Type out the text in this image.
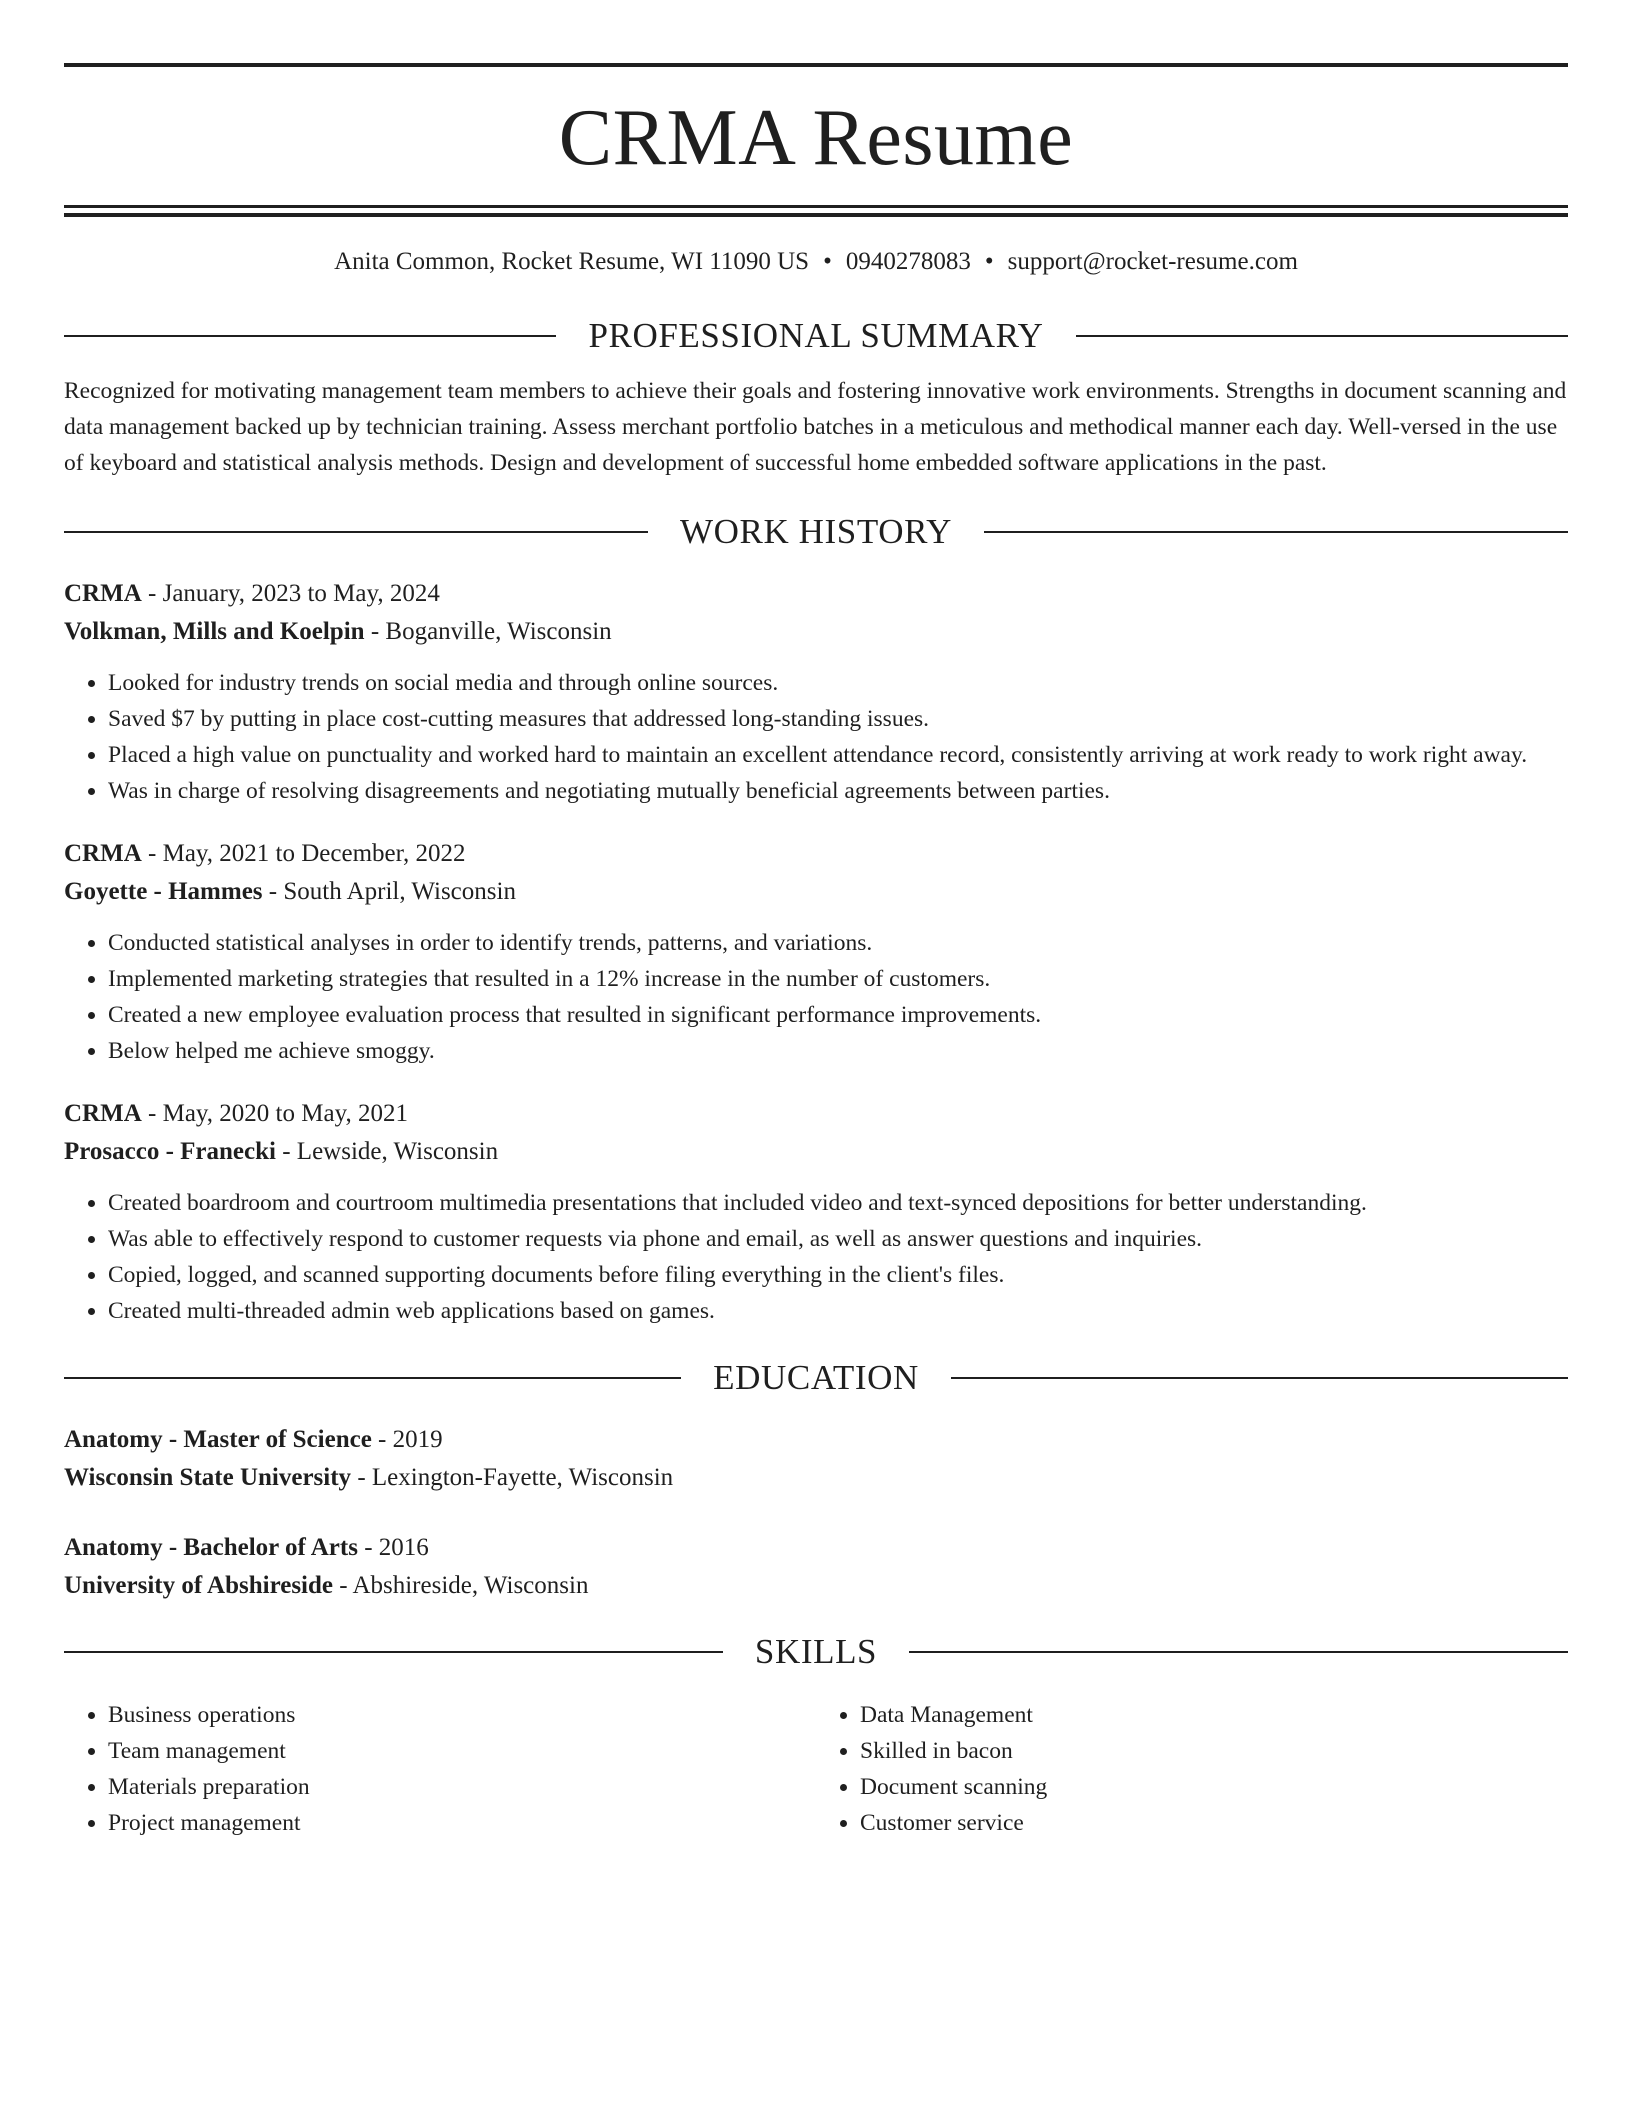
CRMA Resume
Anita Common, Rocket Resume, WI 11090 US • 0940278083 • support@rocket-resume.com
PROFESSIONAL SUMMARY
Recognized for motivating management team members to achieve their goals and fostering innovative work environments. Strengths in document scanning and data management backed up by technician training. Assess merchant portfolio batches in a meticulous and methodical manner each day. Well-versed in the use of keyboard and statistical analysis methods. Design and development of successful home embedded software applications in the past.
WORK HISTORY
CRMA - January, 2023 to May, 2024
Volkman, Mills and Koelpin - Boganville, Wisconsin
• Looked for industry trends on social media and through online sources.
• Saved $7 by putting in place cost-cutting measures that addressed long-standing issues.
• Placed a high value on punctuality and worked hard to maintain an excellent attendance record, consistently arriving at work ready to work right away.
• Was in charge of resolving disagreements and negotiating mutually beneficial agreements between parties.
CRMA - May, 2021 to December, 2022
Goyette - Hammes - South April, Wisconsin
• Conducted statistical analyses in order to identify trends, patterns, and variations.
• Implemented marketing strategies that resulted in a 12% increase in the number of customers.
• Created a new employee evaluation process that resulted in significant performance improvements.
• Below helped me achieve smoggy.
CRMA - May, 2020 to May, 2021
Prosacco - Franecki - Lewside, Wisconsin
• Created boardroom and courtroom multimedia presentations that included video and text-synced depositions for better understanding.
• Was able to effectively respond to customer requests via phone and email, as well as answer questions and inquiries.
• Copied, logged, and scanned supporting documents before filing everything in the client's files.
• Created multi-threaded admin web applications based on games.
EDUCATION
Anatomy - Master of Science - 2019
Wisconsin State University - Lexington-Fayette, Wisconsin
Anatomy - Bachelor of Arts - 2016
University of Abshireside - Abshireside, Wisconsin
SKILLS
• Business operations
• Team management
• Materials preparation
• Project management
• Data Management
• Skilled in bacon
• Document scanning
• Customer service
